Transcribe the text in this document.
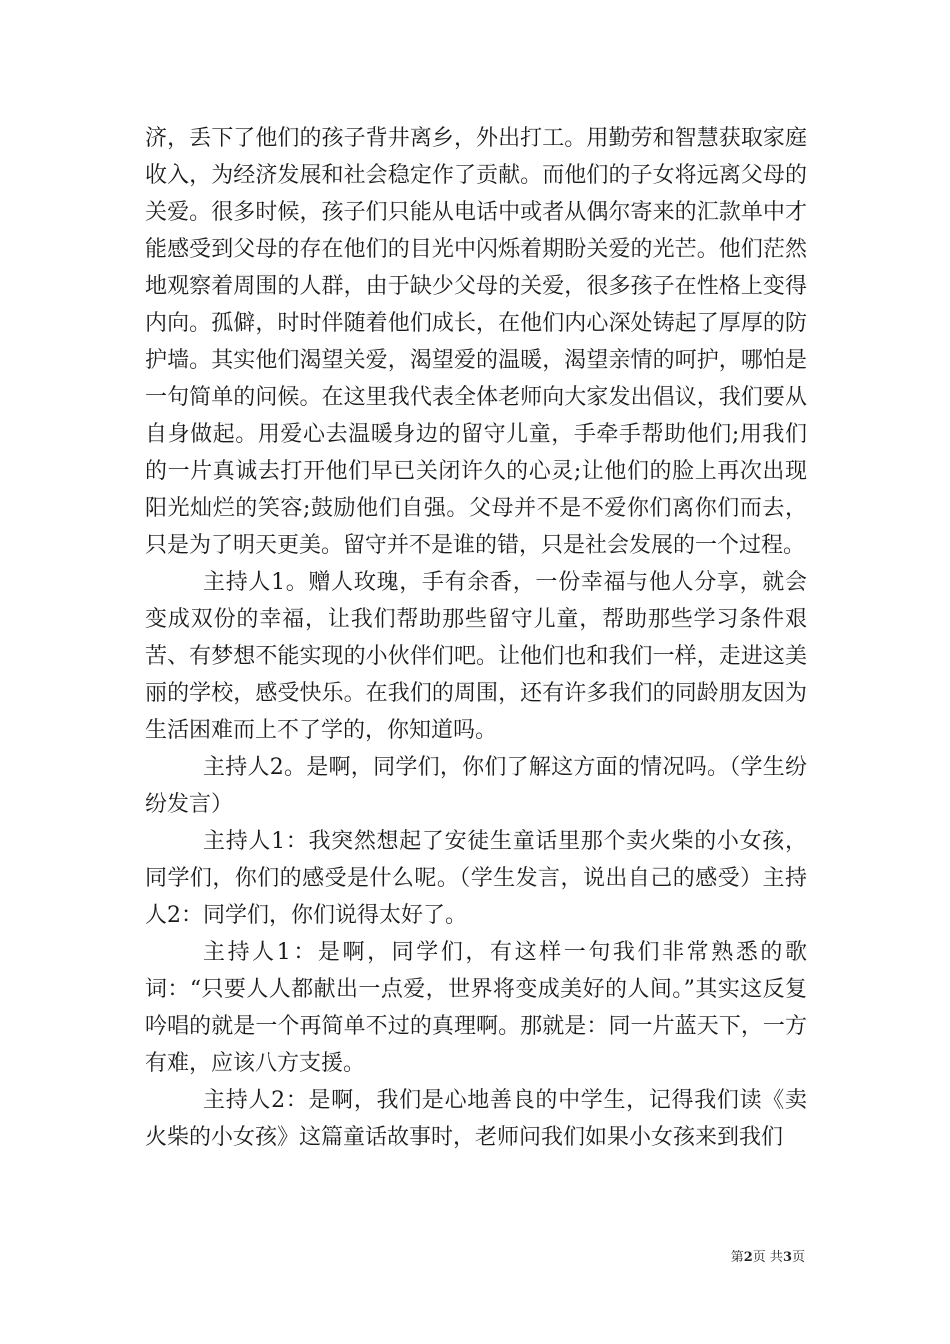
济，丢下了他们的孩子背井离乡，外出打工。用勤劳和智慧获取家庭收入，为经济发展和社会稳定作了贡献。而他们的子女将远离父母的关爱。很多时候，孩子们只能从电话中或者从偶尔寄来的汇款单中才能感受到父母的存在他们的目光中闪烁着期盼关爱的光芒。他们茫然地观察着周围的人群，由于缺少父母的关爱，很多孩子在性格上变得内向。孤僻，时时伴随着他们成长，在他们内心深处铸起了厚厚的防护墙。其实他们渴望关爱，渴望爱的温暖，渴望亲情的呵护，哪怕是一句简单的问候。在这里我代表全体老师向大家发出倡议，我们要从自身做起。用爱心去温暖身边的留守儿童，手牵手帮助他们;用我们的一片真诚去打开他们早已关闭许久的心灵;让他们的脸上再次出现阳光灿烂的笑容;鼓励他们自强。父母并不是不爱你们离你们而去，只是为了明天更美。留守并不是谁的错，只是社会发展的一个过程。

主持人1。赠人玫瑰，手有余香，一份幸福与他人分享，就会变成双份的幸福，让我们帮助那些留守儿童，帮助那些学习条件艰苦、有梦想不能实现的小伙伴们吧。让他们也和我们一样，走进这美丽的学校，感受快乐。在我们的周围，还有许多我们的同龄朋友因为生活困难而上不了学的，你知道吗。

主持人2。是啊，同学们，你们了解这方面的情况吗。（学生纷纷发言）

主持人1：我突然想起了安徒生童话里那个卖火柴的小女孩，同学们，你们的感受是什么呢。（学生发言，说出自己的感受）主持人2：同学们，你们说得太好了。

主持人1：是啊，同学们，有这样一句我们非常熟悉的歌词：“只要人人都献出一点爱，世界将变成美好的人间。”其实这反复吟唱的就是一个再简单不过的真理啊。那就是：同一片蓝天下，一方有难，应该八方支援。

主持人2：是啊，我们是心地善良的中学生，记得我们读《卖火柴的小女孩》这篇童话故事时，老师问我们如果小女孩来到我们

第2页 共3页
